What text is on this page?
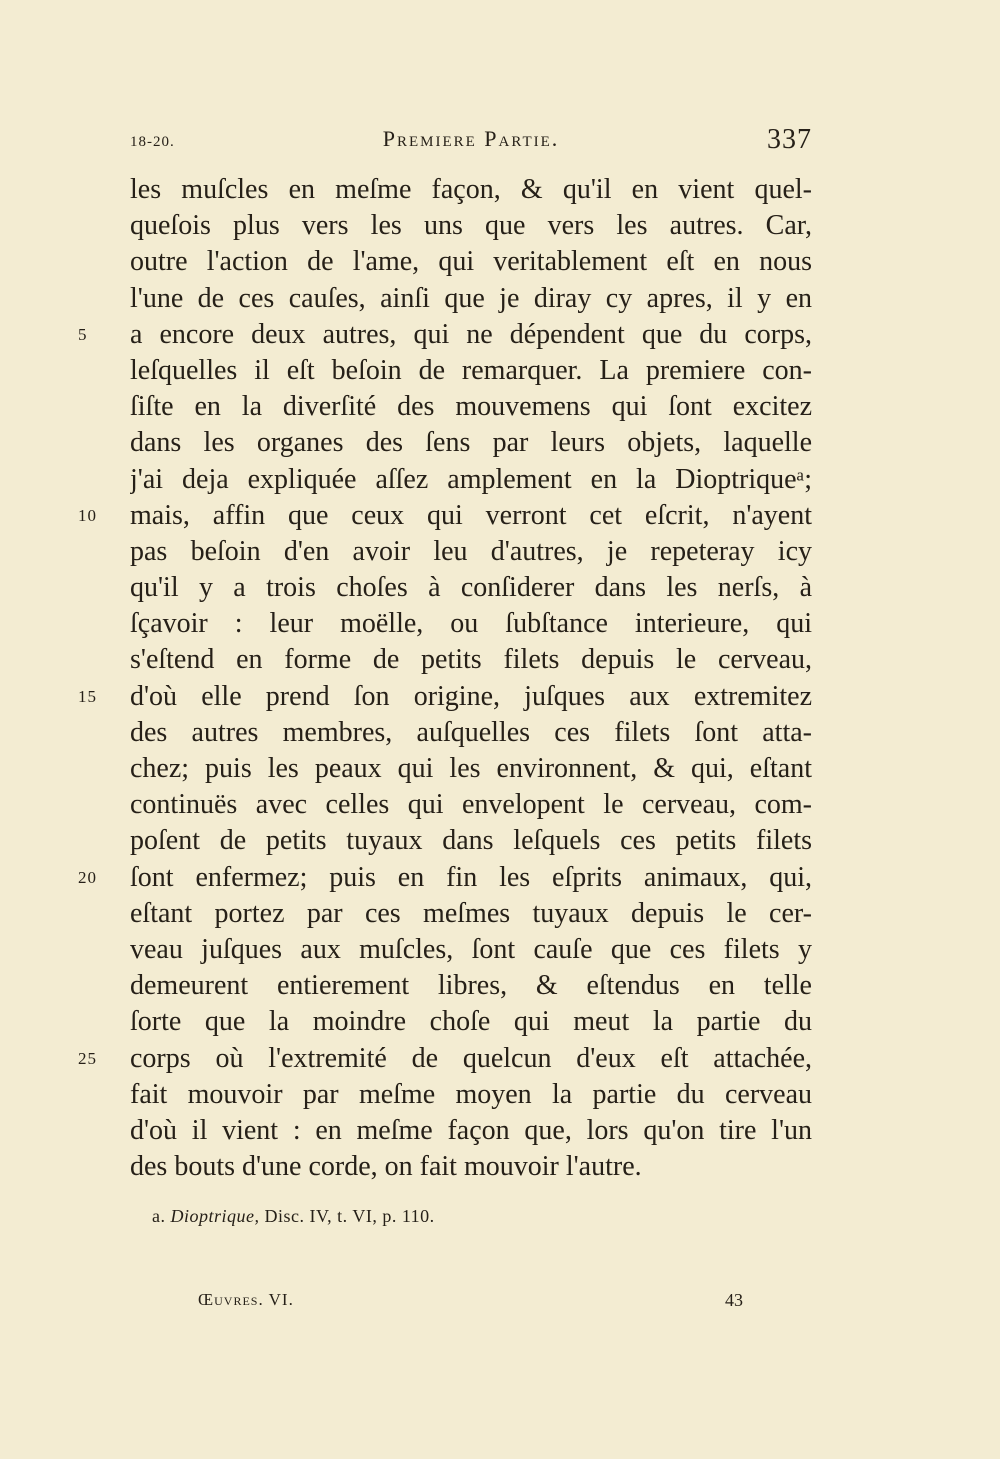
18-20.	Premiere Partie.	337
les muſcles en meſme façon, & qu'il en vient quel-
queſois plus vers les uns que vers les autres. Car,
outre l'action de l'ame, qui veritablement eſt en nous
l'une de ces cauſes, ainſi que je diray cy apres, il y en
a encore deux autres, qui ne dépendent que du corps,
leſquelles il eſt beſoin de remarquer. La premiere con-
ſiſte en la diverſité des mouvemens qui ſont excitez
dans les organes des ſens par leurs objets, laquelle
j'ai deja expliquée aſſez amplement en la Dioptriqueᵃ;
mais, affin que ceux qui verront cet eſcrit, n'ayent
pas beſoin d'en avoir leu d'autres, je repeteray icy
qu'il y a trois choſes à conſiderer dans les nerſs, à
ſçavoir : leur moëlle, ou ſubſtance interieure, qui
s'eſtend en forme de petits filets depuis le cerveau,
d'où elle prend ſon origine, juſques aux extremitez
des autres membres, auſquelles ces filets ſont atta-
chez; puis les peaux qui les environnent, & qui, eſtant
continuës avec celles qui envelopent le cerveau, com-
poſent de petits tuyaux dans leſquels ces petits filets
ſont enfermez; puis en fin les eſprits animaux, qui,
eſtant portez par ces meſmes tuyaux depuis le cer-
veau juſques aux muſcles, ſont cauſe que ces filets y
demeurent entierement libres, & eſtendus en telle
ſorte que la moindre choſe qui meut la partie du
corps où l'extremité de quelcun d'eux eſt attachée,
fait mouvoir par meſme moyen la partie du cerveau
d'où il vient : en meſme façon que, lors qu'on tire l'un
des bouts d'une corde, on fait mouvoir l'autre.
5
10
15
20
25
a. Dioptrique, Disc. IV, t. VI, p. 110.
Œuvres. VI.	43
